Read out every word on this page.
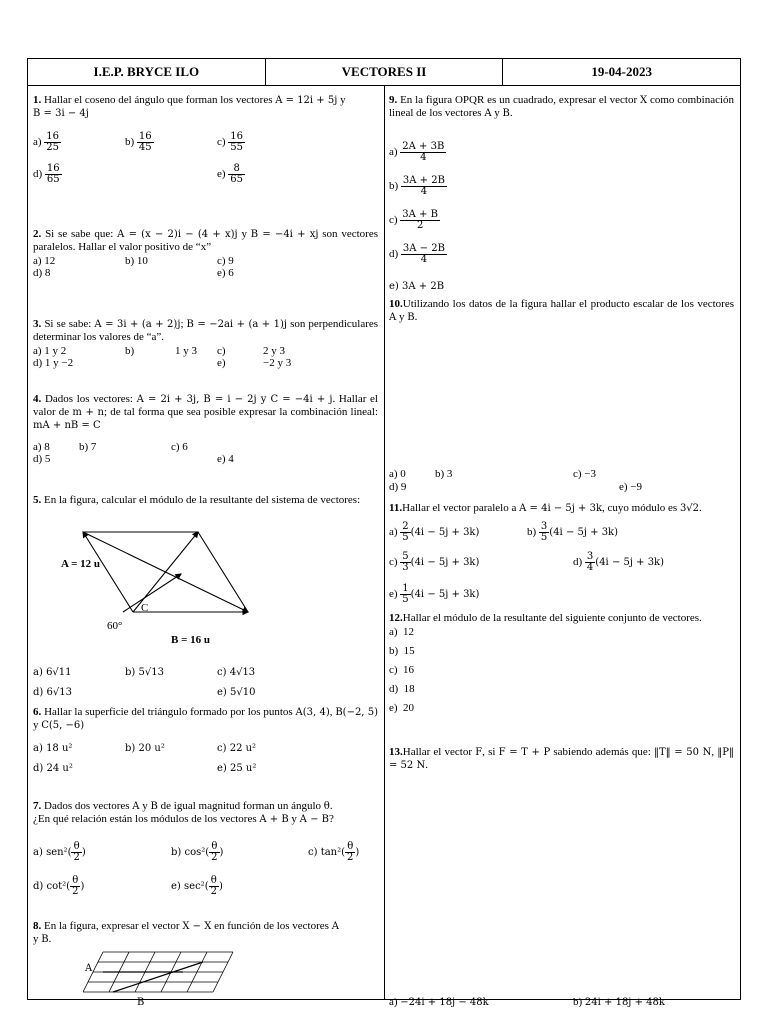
I.E.P. BRYCE ILO	VECTORES II	19-04-2023
1. Hallar el coseno del ángulo que forman los vectores A = 12i + 5j y
B = 3i − 4j
$a) \frac{16}{25}$	$b) \frac{16}{45}$	$c) \frac{16}{55}$
$d) \frac{16}{65}$	$e) \frac{8}{65}$
2. Si se sabe que: A = (x − 2)i − (4 + x)j y B = −4i + xj son vectores paralelos. Hallar el valor positivo de “x”
a) 12	b) 10	c) 9
d) 8	e) 6
3. Si se sabe: A = 3i + (a + 2)j; B = −2ai + (a + 1)j son perpendiculares determinar los valores de “a”.
a) 1 y 2	b)	1 y 3 c)	2 y 3
d) 1 y −2	e)	−2 y 3
4. Dados los vectores: A = 2i + 3j, B = i − 2j y C = −4i + j. Hallar el valor de m + n; de tal forma que sea posible expresar la combinación lineal: mA + nB = C
a) 8	b) 7	c) 6
d) 5	e) 4
5. En la figura, calcular el módulo de la resultante del sistema de vectores:
A = 12 u
C
60°
B = 16 u
a) 6√11	b) 5√13	c) 4√13
d) 6√13	e) 5√10
6. Hallar la superficie del triángulo formado por los puntos A(3, 4), B(−2, 5) y C(5, −6)
a) 18 u²	b) 20 u²	c) 22 u²
d) 24 u²	e) 25 u²
7. Dados dos vectores A y B de igual magnitud forman un ángulo θ.
¿En qué relación están los módulos de los vectores A + B y A − B?
a) $sen^2( \frac{\theta}{2}$ )	b) $\cos^2( \frac{\theta}{2}$ )	c) $\tan^2( \frac{\theta}{2}$ )
d) $\cot^2( \frac{\theta}{2}$ )	e) $\sec^2( \frac{\theta}{2}$ )
8. En la figura, expresar el vector X − X en función de los vectores A
y B.
A
B
9. En la figura OPQR es un cuadrado, expresar el vector X como combinación lineal de los vectores A y B.
$a) \frac{2A + 3B}{4}$
$b) \frac{3A + 2B}{4}$
$c) \frac{3A + B}{2}$
$d) \frac{3A - 2B}{4}$
e) 3A + 2B
10.Utilizando los datos de la figura hallar el producto escalar de los vectores A y B.
a) 0	b) 3	c) −3
d) 9	e) −9
11.Hallar el vector paralelo a A = 4i − 5j + 3k, cuyo módulo es 3√2.
$a) \frac{2}{5} (4i - 5j + 3k)$	$b) \frac{3}{5} (4i - 5j + 3k)$
$c) \frac{5}{3} (4i - 5j + 3k)$	$d) \frac{3}{4} (4i - 5j + 3k)$
$e) \frac{1}{5} (4i - 5j + 3k)$
12.Hallar el módulo de la resultante del siguiente conjunto de vectores.
a) 12
b) 15
c) 16
d) 18
e) 20
13.Hallar el vector F, si F = T + P sabiendo además que: ‖T‖ = 50 N, ‖P‖ = 52 N.
a) −24i + 18j − 48k	b) 24i + 18j + 48k
